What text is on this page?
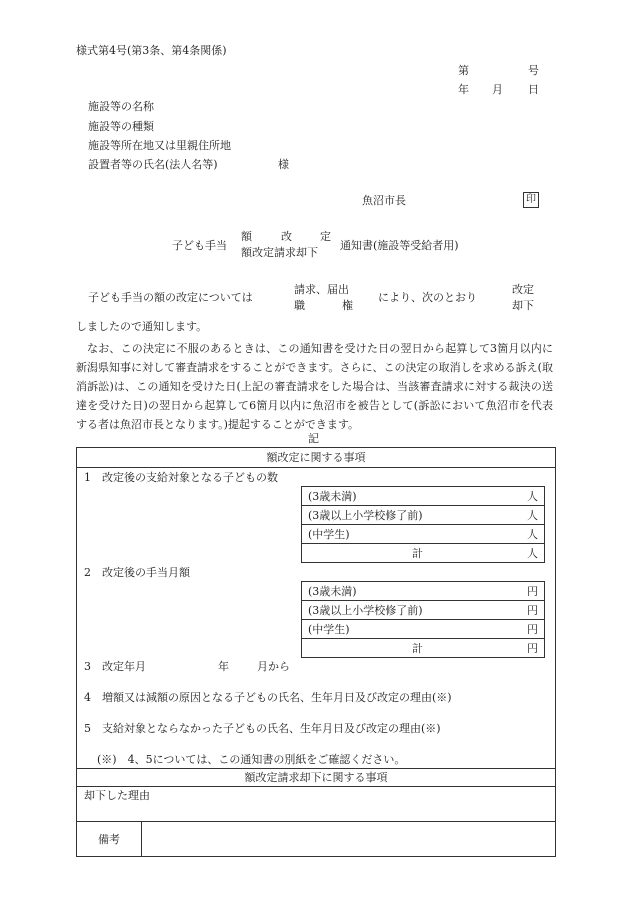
様式第4号(第3条、第4条関係)
第	号
年 月 日
施設等の名称
施設等の種類
施設等所在地又は里親住所地
設置者等の氏名(法人名等)	様
魚沼市長	印
子ども手当
額	改	定
額改定請求却下
通知書(施設等受給者用)
子ども手当の額の改定については
請求、届出
職	権
により、次のとおり
改定
却下
しましたので通知します。
なお、この決定に不服のあるときは、この通知書を受けた日の翌日から起算して3箇月以内に新潟県知事に対して審査請求をすることができます。さらに、この決定の取消しを求める訴え(取消訴訟)は、この通知を受けた日(上記の審査請求をした場合は、当該審査請求に対する裁決の送達を受けた日)の翌日から起算して6箇月以内に魚沼市を被告として(訴訟において魚沼市を代表する者は魚沼市長となります。)提起することができます。
記
額改定に関する事項
1　改定後の支給対象となる子どもの数
(3歳未満)	人

(3歳以上小学校修了前)	人

(中学生)	人

計	人
2　改定後の手当月額
(3歳未満)	円

(3歳以上小学校修了前)	円

(中学生)	円

計	円
3　改定年月	年	月から
4　増額又は減額の原因となる子どもの氏名、生年月日及び改定の理由(※)
5　支給対象とならなかった子どもの氏名、生年月日及び改定の理由(※)
(※)　4、5については、この通知書の別紙をご確認ください。
額改定請求却下に関する事項
却下した理由
備考
